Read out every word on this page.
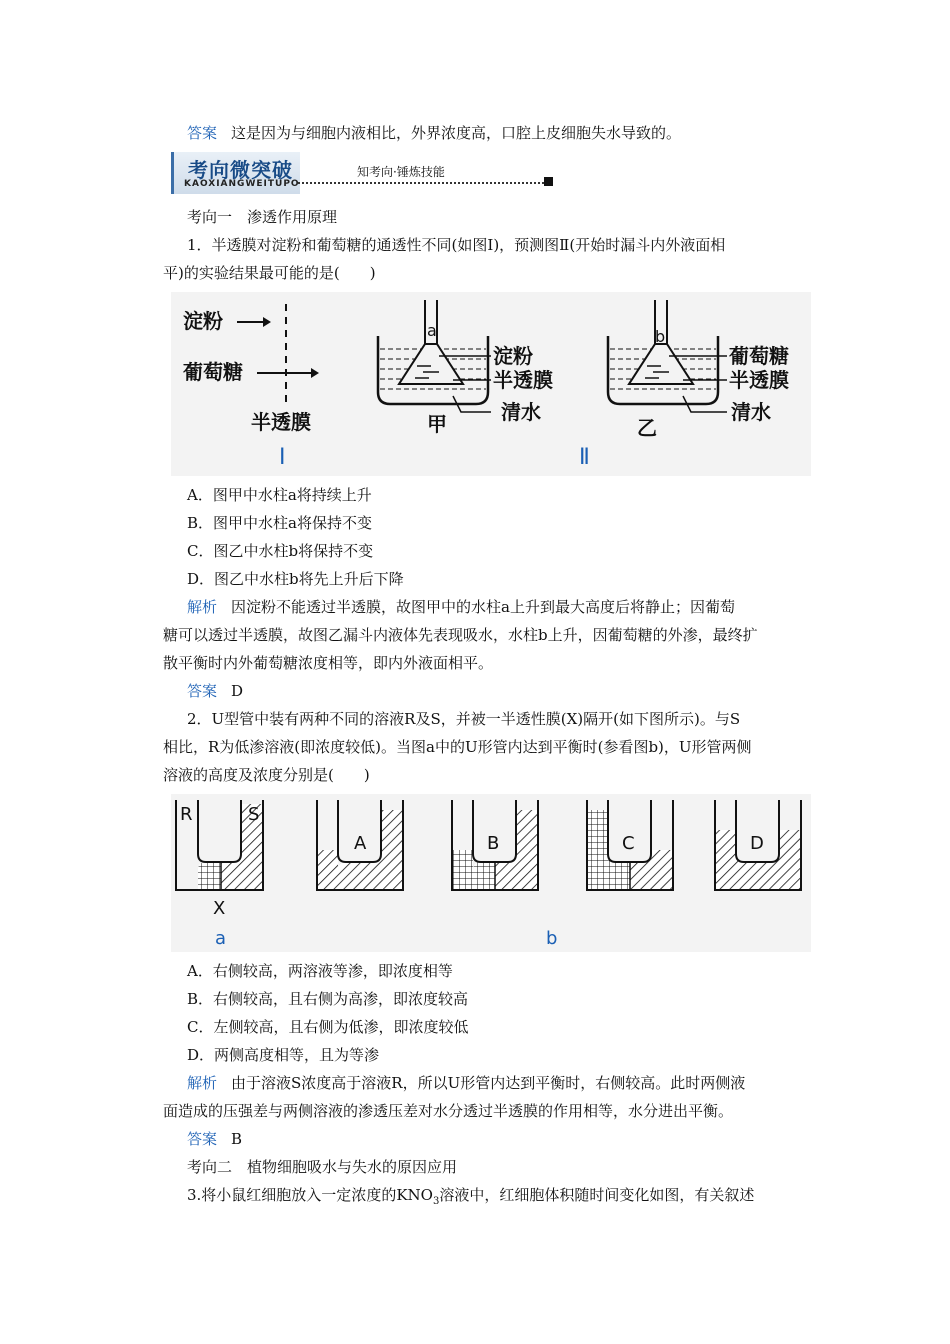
答案 这是因为与细胞内液相比，外界浓度高，口腔上皮细胞失水导致的。
考向微突破
KAOXIANGWEITUPO
知考向·锤炼技能
考向一　渗透作用原理
1．半透膜对淀粉和葡萄糖的通透性不同(如图Ⅰ)，预测图Ⅱ(开始时漏斗内外液面相
平)的实验结果最可能的是(　　)
淀粉
葡萄糖
半透膜
Ⅰ
a
淀粉
半透膜
清水
甲
b
葡萄糖
半透膜
清水
乙
Ⅱ
A．图甲中水柱a将持续上升
B．图甲中水柱a将保持不变
C．图乙中水柱b将保持不变
D．图乙中水柱b将先上升后下降
解析 因淀粉不能透过半透膜，故图甲中的水柱a上升到最大高度后将静止；因葡萄
糖可以透过半透膜，故图乙漏斗内液体先表现吸水，水柱b上升，因葡萄糖的外渗，最终扩
散平衡时内外葡萄糖浓度相等，即内外液面相平。
答案 D
2．U型管中装有两种不同的溶液R及S，并被一半透性膜(X)隔开(如下图所示)。与S
相比，R为低渗溶液(即浓度较低)。当图a中的U形管内达到平衡时(参看图b)，U形管两侧
溶液的高度及浓度分别是(　　)
R	S
X
a
A	B
b
C	D
A．右侧较高，两溶液等渗，即浓度相等
B．右侧较高，且右侧为高渗，即浓度较高
C．左侧较高，且右侧为低渗，即浓度较低
D．两侧高度相等，且为等渗
解析 由于溶液S浓度高于溶液R，所以U形管内达到平衡时，右侧较高。此时两侧液
面造成的压强差与两侧溶液的渗透压差对水分透过半透膜的作用相等，水分进出平衡。
答案 B
考向二　植物细胞吸水与失水的原因应用
3.将小鼠红细胞放入一定浓度的$KNO_3$溶液中，红细胞体积随时间变化如图，有关叙述
